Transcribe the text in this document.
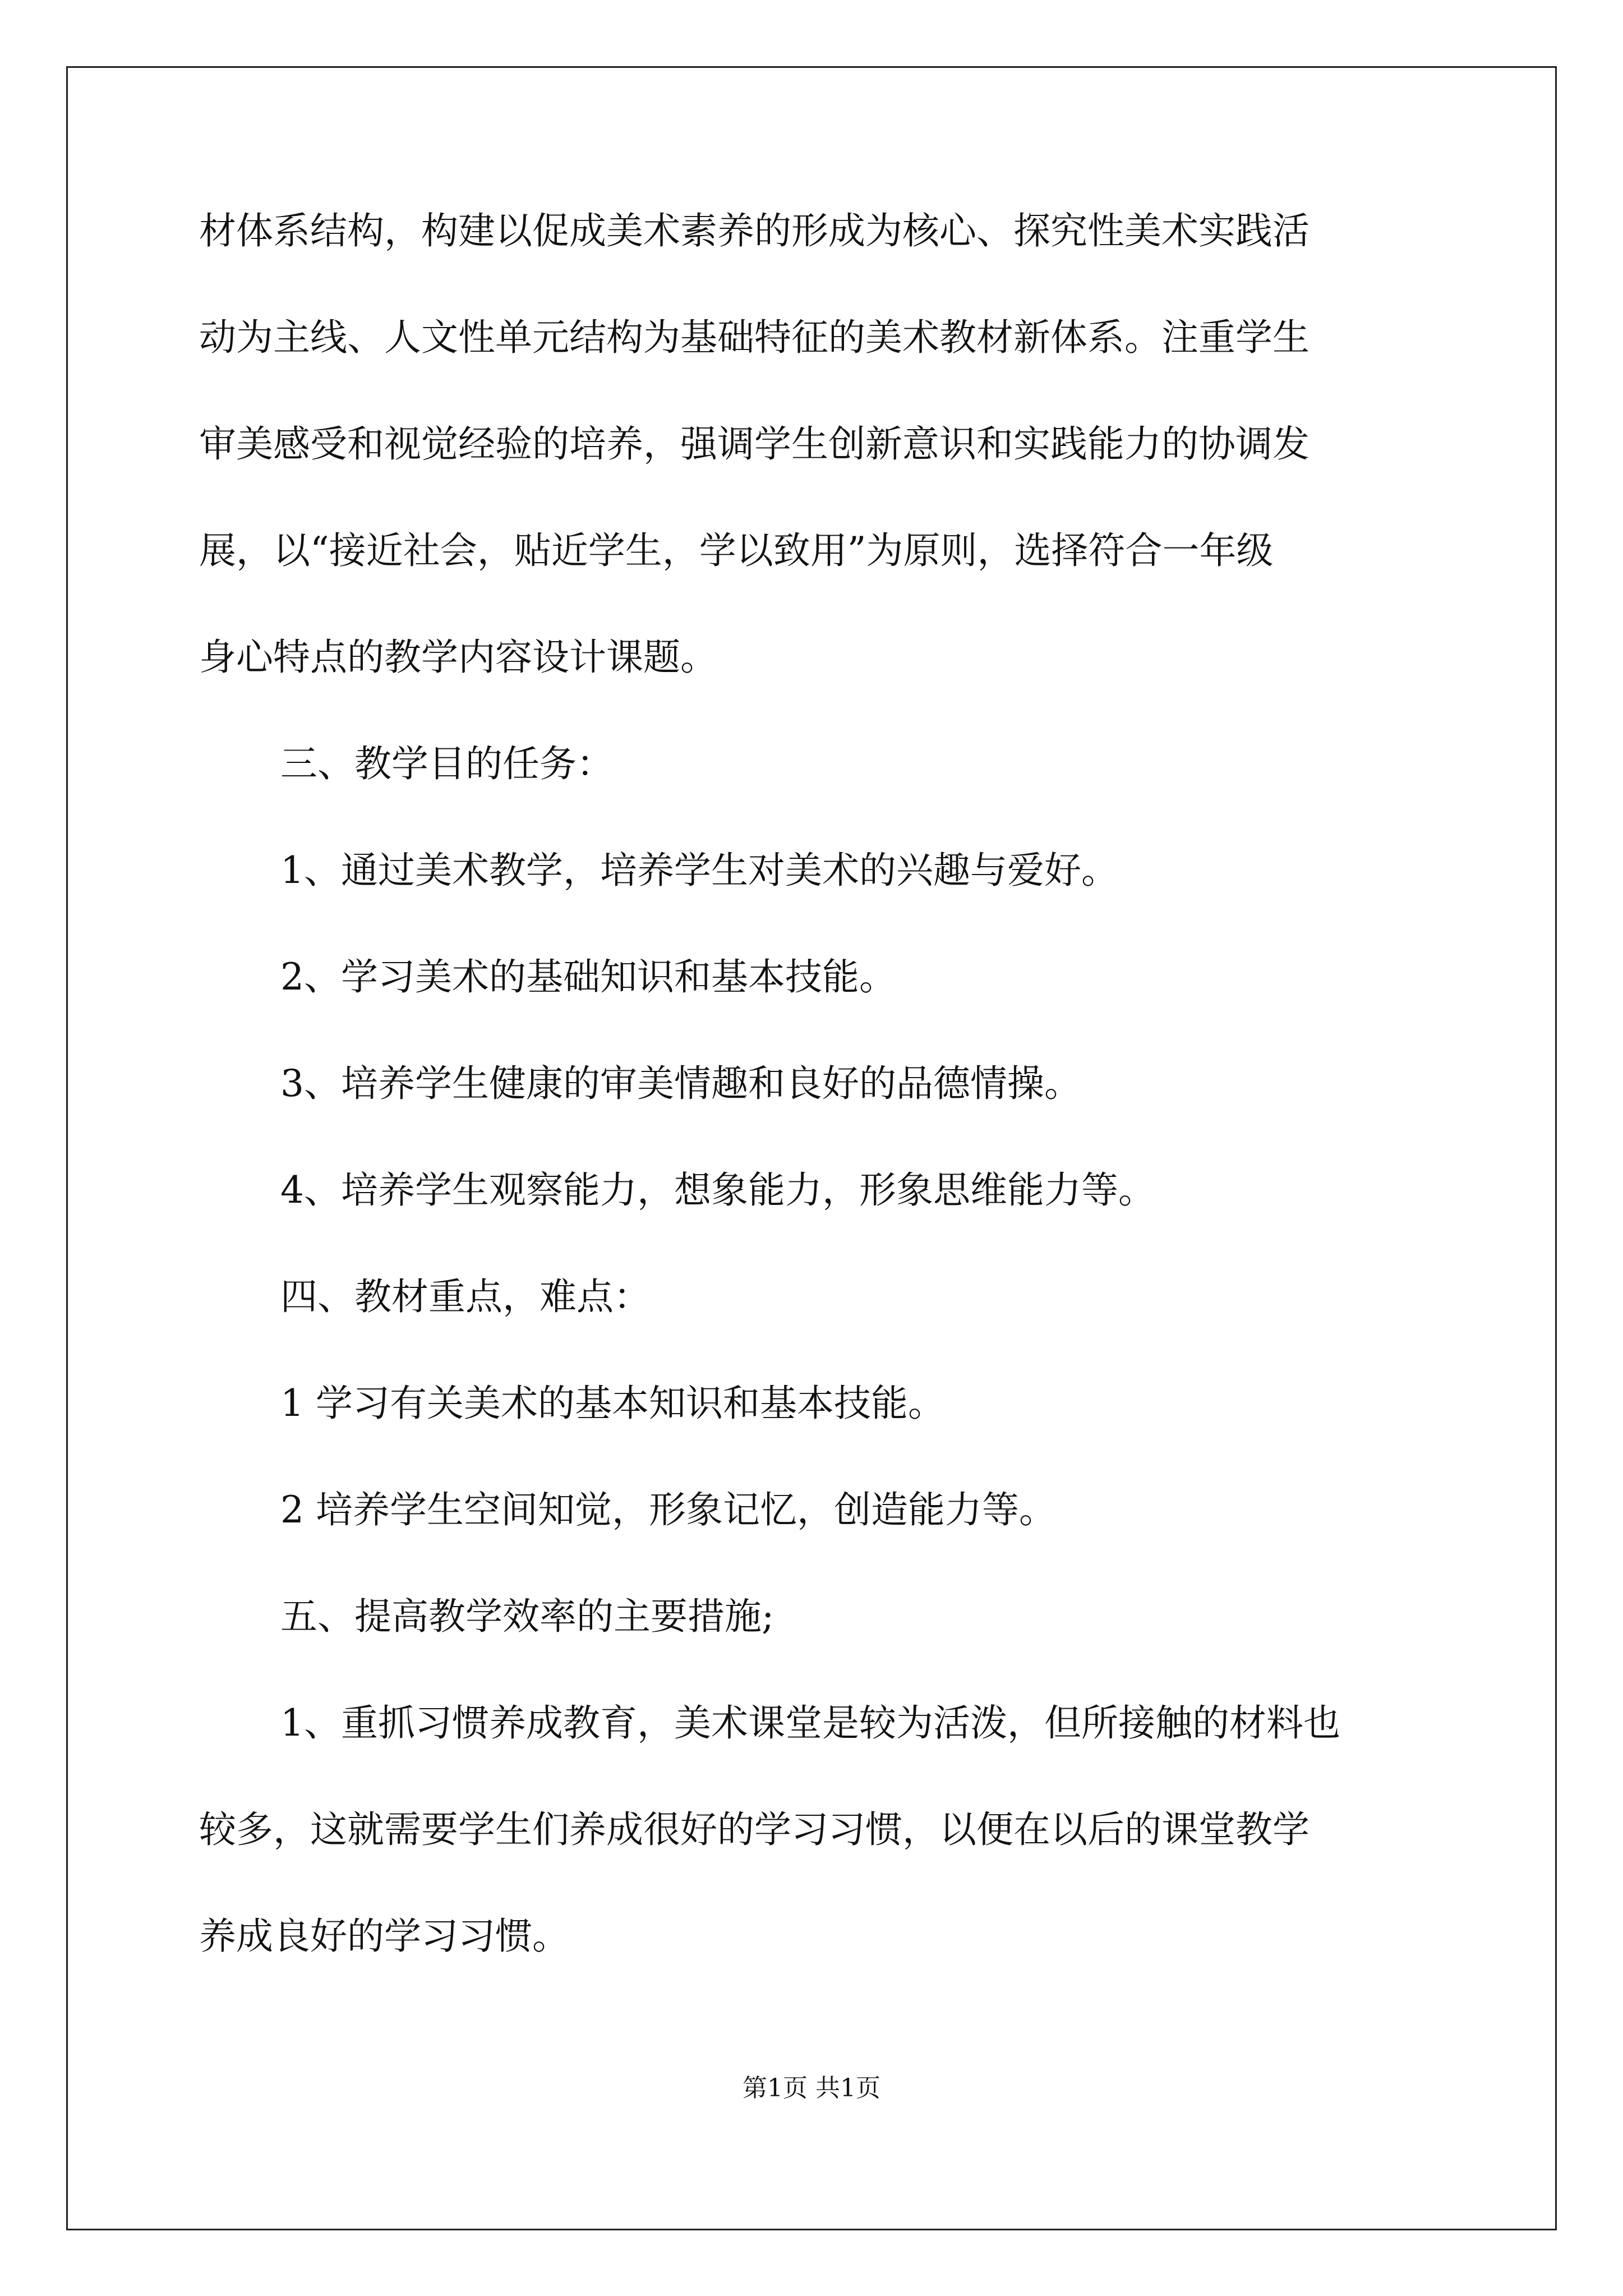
材体系结构，构建以促成美术素养的形成为核心、探究性美术实践活
动为主线、人文性单元结构为基础特征的美术教材新体系。注重学生
审美感受和视觉经验的培养，强调学生创新意识和实践能力的协调发
展，以“接近社会，贴近学生，学以致用”为原则，选择符合一年级
身心特点的教学内容设计课题。
三、教学目的任务：
1、通过美术教学，培养学生对美术的兴趣与爱好。
2、学习美术的基础知识和基本技能。
3、培养学生健康的审美情趣和良好的品德情操。
4、培养学生观察能力，想象能力，形象思维能力等。
四、教材重点，难点：
1 学习有关美术的基本知识和基本技能。
2 培养学生空间知觉，形象记忆，创造能力等。
五、提高教学效率的主要措施;
1、重抓习惯养成教育，美术课堂是较为活泼，但所接触的材料也
较多，这就需要学生们养成很好的学习习惯，以便在以后的课堂教学
养成良好的学习习惯。
第1页 共1页
